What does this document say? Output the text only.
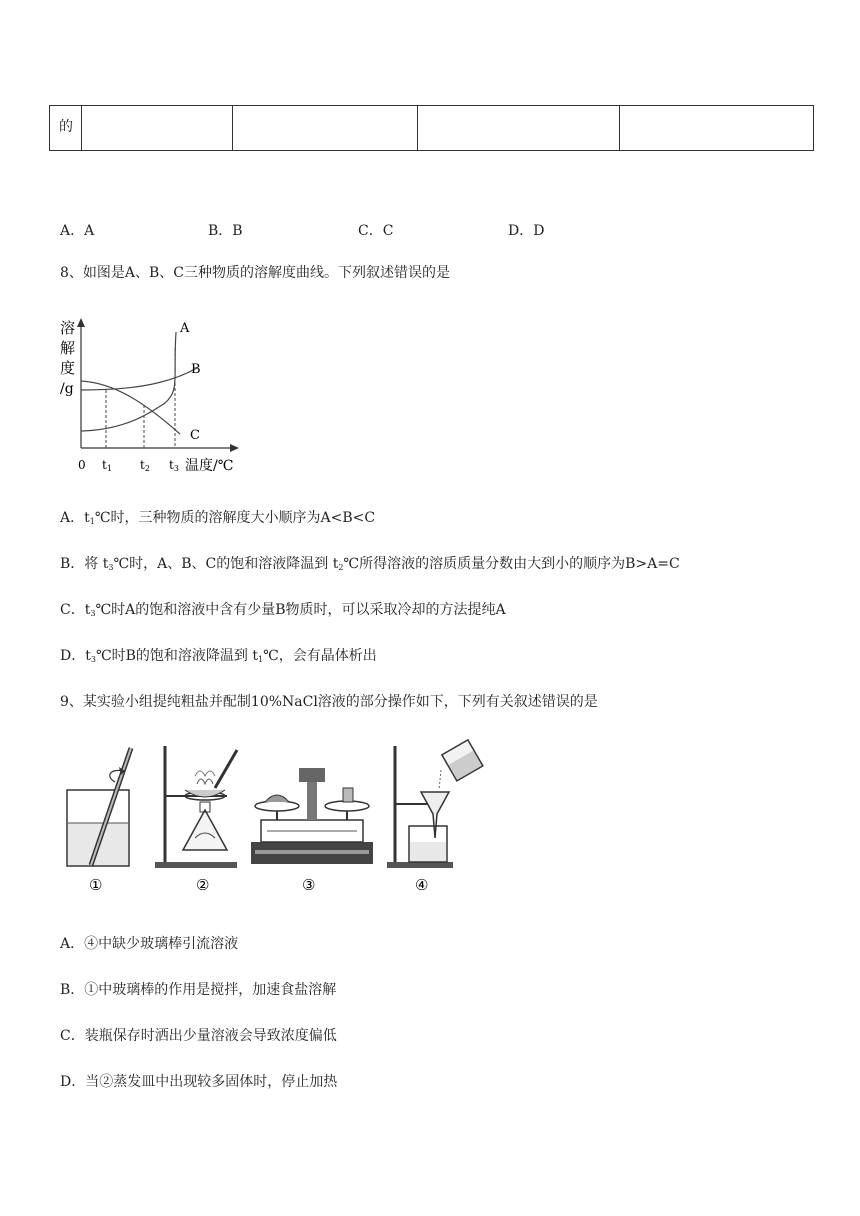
的

A．A	B．B	C．C	D．D
8、如图是A、B、C三种物质的溶解度曲线。下列叙述错误的是
溶
解
度
/g
A
B
C
0 t1 t2 t3 温度/℃
A．$t_1℃$时，三种物质的溶解度大小顺序为A<B<C
B．将 $t_3℃$时，A、B、C的饱和溶液降温到 $t_2℃$所得溶液的溶质质量分数由大到小的顺序为B>A=C
C．$t_3℃$时A的饱和溶液中含有少量B物质时，可以采取冷却的方法提纯A
D．$t_3℃$时B的饱和溶液降温到 $t_1℃$，会有晶体析出
9、某实验小组提纯粗盐并配制10%NaCl溶液的部分操作如下，下列有关叙述错误的是
①	②	③	④
A．④中缺少玻璃棒引流溶液
B．①中玻璃棒的作用是搅拌，加速食盐溶解
C．装瓶保存时洒出少量溶液会导致浓度偏低
D．当②蒸发皿中出现较多固体时，停止加热
